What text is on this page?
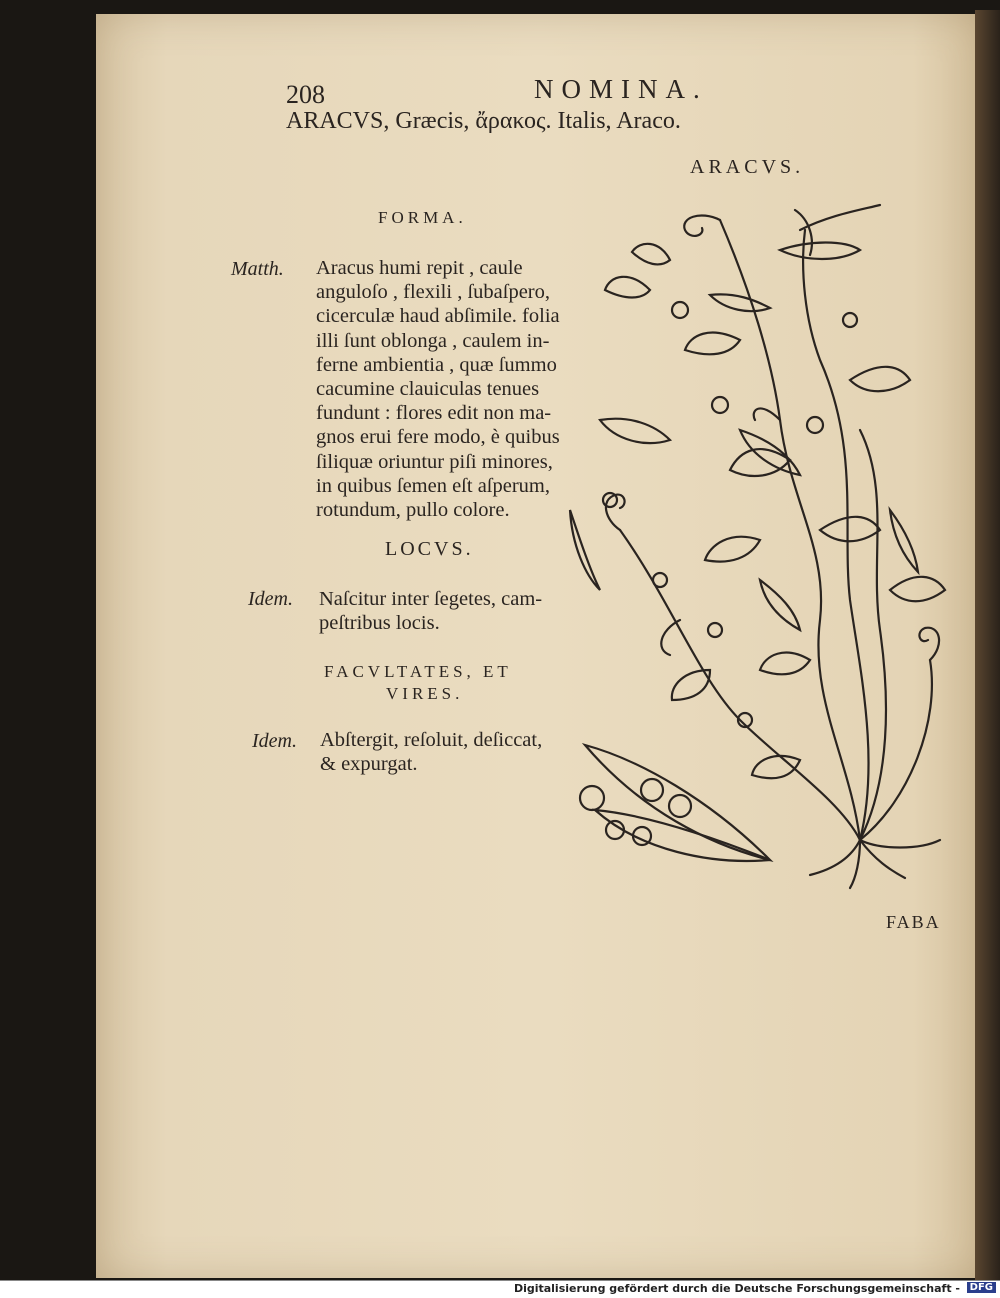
208	NOMINA.
ARACVS, Græcis, ἄρακος. Italis, Araco.
ARACVS.
FORMA.
Matth. Aracus humi repit , caule
anguloſo , flexili , ſubaſpero,
cicerculæ haud abſimile. folia
illi ſunt oblonga , caulem in-
ferne ambientia , quæ ſummo
cacumine clauiculas tenues
fundunt : flores edit non ma-
gnos erui fere modo, è quibus
ſiliquæ oriuntur piſi minores,
in quibus ſemen eſt aſperum,
rotundum, pullo colore.
LOCVS.
Idem. Naſcitur inter ſegetes, cam-
peſtribus locis.
FACVLTATES, ET
VIRES.
Idem. Abſtergit, reſoluit, deſiccat,
& expurgat.
FABA
Digitalisierung gefördert durch die Deutsche Forschungsgemeinschaft - DFG
